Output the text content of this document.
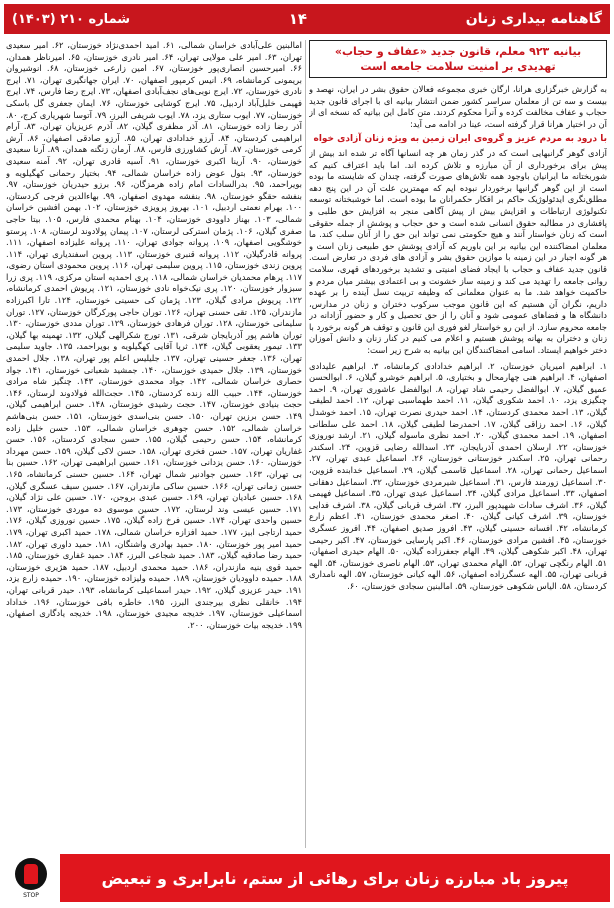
گاهنامه بیداری زنان
۱۴
شماره ۲۱۰ (۱۴۰۳)
بیانیه ۹۲۳ معلم، قانون جدید «عفاف و حجاب» تهدیدی بر امنیت سلامت جامعه است

به گزارش خبرگزاری هرانا، ارگان خبری مجموعه فعالان حقوق بشر در ایران، نهصد و بیست و سه تن از معلمان سراسر کشور ضمن انتشار بیانیه ای با اجرای قانون جدید حجاب و عفاف مخالفت کرده و آنرا محکوم کردند. متن کامل این بیانیه که نسخه ای از آن در اختیار هرانا قرار گرفته است، عینا در ادامه می آید:

با درود به مردم عزیز و گروه‌ی ایران زمین به ویژه زنان آزادی خواه

آزادی گوهر گرانبهایی است که در گذر زمان هر چه انسانها آگاه تر شده اند بیش از پیش برای برخورداری از آن مبارزه و تلاش کرده اند. اما باید اعتراف کنیم که شوربختانه ما ایرانیان باوجود همه تلاش‌های صورت گرفته، چندان که شایسته ما بوده است از این گوهر گرانبها برخوردار نبوده ایم که مهمترین علت آن در این پنج دهه مطلق‌نگری ایدئولوژیک حاکم بر افکار حکمرانان ما بوده است. اما خوشبختانه توسعه تکنولوژی ارتباطات و افزایش بیش از پیش آگاهی منجر به افزایش حق طلبی و پافشاری در مطالبه حقوق انسانی شده است و حق حجاب و پوشش از جمله حقوقی است که زنان خواستار آنند و هیچ حکومتی نمی تواند این حق را از آنان سلب کند. ما معلمان امضاکننده این بیانیه بر این باوریم که آزادی پوشش حق طبیعی زنان است و هر گونه اجبار در این زمینه با موازین حقوق بشر و آزادی های فردی در تعارض است. قانون جدید عفاف و حجاب با ایجاد فضای امنیتی و تشدید برخوردهای قهری، سلامت روانی جامعه را تهدید می کند و زمینه ساز خشونت و بی اعتمادی بیشتر میان مردم و حاکمیت خواهد شد. ما به عنوان معلمانی که وظیفه تربیت نسل آینده را بر عهده داریم، نگران آن هستیم که این قانون موجب سرکوب دختران و زنان در مدارس، دانشگاه ها و فضاهای عمومی شود و آنان را از حق تحصیل و کار و حضور آزادانه در جامعه محروم سازد. از این رو خواستار لغو فوری این قانون و توقف هر گونه برخورد با زنان و دختران به بهانه پوشش هستیم و اعلام می کنیم در کنار زنان و دانش آموزان دختر خواهیم ایستاد. اسامی امضاکنندگان این بیانیه به شرح زیر است:

۱. ابراهیم امیریان خوزستان، ۲. ابراهیم خدادادی کرمانشاه، ۳. ابراهیم علیدادی اصفهان، ۴. ابراهیم هنی چهارمحال و بختیاری، ۵. ابراهیم خوشرو گیلان، ۶. ابوالحسن عمیق گیلان، ۷. ابوالفضل رحیمی شاد تهران، ۸. ابوالفضل عاشوری تهران، ۹. احمد چنگیزی یزد، ۱۰. احمد شکوری گیلان، ۱۱. احمد طهماسبی تهران، ۱۲. احمد لطیفی گیلان، ۱۳. احمد محمدی کردستان، ۱۴. احمد حیدری نصرت تهران، ۱۵. احمد خوشدل گیلان، ۱۶. احمد رزاقی گیلان، ۱۷. احمدرضا لطیفی گیلان، ۱۸. احمد علی سلطانی اصفهان، ۱۹. احمد محمدی گیلان، ۲۰. احمد نظری ماسوله گیلان، ۲۱. ارشد نوروزی خوزستان، ۲۲. ارسلان احمدی آذربایجان، ۲۳. اسدالله رضایی قزوین، ۲۴. اسکندر رحمانی تهران، ۲۵. اسکندر خوزستانی خوزستان، ۲۶. اسماعیل عبدی تهران، ۲۷. اسماعیل رحمانی تهران، ۲۸. اسماعیل قاسمی گیلان، ۲۹. اسماعیل خدابنده قزوین، ۳۰. اسماعیل زورمند فارس، ۳۱. اسماعیل شیرمردی خوزستان، ۳۲. اسماعیل دهقانی اصفهان، ۳۳. اسماعیل مرادی گیلان، ۳۴. اسماعیل عیدی تهران، ۳۵. اسماعیل فهیمی گیلان، ۳۶. اشرف سادات شهیدپور البرز، ۳۷. اشرف قربانی گیلان، ۳۸. اشرف فدایی خوزستان، ۳۹. اشرف کیانی گیلان، ۴۰. اصغر محمدی خوزستان، ۴۱. اعظم زارع کرمانشاه، ۴۲. افسانه حسینی گیلان، ۴۳. افروز صدیق اصفهان، ۴۴. افروز عسگری خوزستان، ۴۵. افشین مرادی خوزستان، ۴۶. اکبر پارسایی خوزستان، ۴۷. اکبر رحیمی تهران، ۴۸. اکبر شکوهی گیلان، ۴۹. الهام جعفرزاده گیلان، ۵۰. الهام حیدری اصفهان، ۵۱. الهام رنگچی تهران، ۵۲. الهام محمدی تهران، ۵۳. الهام ناصری خوزستان، ۵۴. الهه قربانی تهران، ۵۵. الهه عسگرزاده اصفهان، ۵۶. الهه کیانی خوزستان، ۵۷. الهه نامداری کردستان، ۵۸. الیاس شکوهی خوزستان، ۵۹. امالبنین سجادی خوزستان، ۶۰.

امالبنین علی‌آبادی خراسان شمالی، ۶۱. امید احمدی‌نژاد خوزستان، ۶۲. امیر سعیدی تهران، ۶۳. امیر علی مولایی تهران، ۶۴. امیر نادری خوزستان، ۶۵. امیرناظر همدان، ۶۶. امیرحسین انصاری‌پور خوزستان، ۶۷. امین زارعی خوزستان، ۶۸. انوشیروان بریمونی کرمانشاه، ۶۹. انیس کرمپور اصفهان، ۷۰. ایران جهانگیری تهران، ۷۱. ایرج نادری خوزستان، ۷۲. ایرج نوبی‌های نجف‌آبادی اصفهان، ۷۳. ایرج رضا فارس، ۷۴. ایرج فهیمی خلیل‌آباد اردبیل، ۷۵. ایرج کوشایی خوزستان، ۷۶. ایمان جعفری گل باسکی خوزستان، ۷۷. ایوب ستاری یزد، ۷۸. ایوب شریفی البرز، ۷۹. آتوسا شهریاری کرج، ۸۰. آذر رضا زاده خوزستان، ۸۱. آذر مظفری گیلان، ۸۲. آذرم عزیزیان تهران، ۸۳. آرام ابراهیمی کردستان، ۸۴. آرزو خدادادی تهران، ۸۵. آرزو صادقی اصفهان، ۸۶. آرش کرمی خوزستان، ۸۷. آرش کشاورزی فارس، ۸۸. آرمان زنگنه همدان، ۸۹. آرنا سعیدی خوزستان، ۹۰. آرینا اکبری خوزستان، ۹۱. آسیه قادری تهران، ۹۲. آمنه سعیدی خوزستان، ۹۳. بتول عوض زاده خراسان شمالی، ۹۴. بختیار رحمانی کهگیلویه و بویراحمد، ۹۵. بدرالسادات امام زاده هرمزگان، ۹۶. برزو حیدریان خوزستان، ۹۷. بنفشه حقگو خوزستان، ۹۸. بنفشه مهدوی اصفهان، ۹۹. بهاءالدین فرجی کردستان، ۱۰۰. بهرام نعمتی اردبیل، ۱۰۱. بهروز پرویزی خوزستان، ۱۰۲. بهمن افشین خراسان شمالی، ۱۰۳. بهناز داوودی خوزستان، ۱۰۴. بهنام محمدی فارس، ۱۰۵. بیتا حاجی صفری گیلان، ۱۰۶. پژمان استرکی لرستان، ۱۰۷. پیمان پولادوند لرستان، ۱۰۸. پرستو خوشگویی اصفهان، ۱۰۹. پروانه جوادی تهران، ۱۱۰. پروانه علیزاده اصفهان، ۱۱۱. پروانه قادرگیلان، ۱۱۲. پروانه قنبری خوزستان، ۱۱۳. پروین اسفندیاری تهران، ۱۱۴. پروین زندی خوزستان، ۱۱۵. پروین سلیمی تهران، ۱۱۶. پروین محمودی استان رضوی، ۱۱۷. پرهام محمدیان خراسان شمالی، ۱۱۸. پری احمدیه استان مرکزی، ۱۱۹. پری زرا سبزوار خوزستان، ۱۲۰. پری نیک‌خواه نادی خوزستان، ۱۲۱. پریوش احمدی کرمانشاه، ۱۲۲. پریوش مرادی گیلان، ۱۲۳. پژمان کی حسینی خوزستان، ۱۲۴. تارا اکبرزاده مازندران، ۱۲۵. تقی حسنی تهران، ۱۲۶. توران حاجی پورکرگان خوزستان، ۱۲۷. توران سلیمانی خوزستان، ۱۲۸. توران فرهادی خوزستان، ۱۲۹. توران مددی خوزستان، ۱۳۰. توران هاشم پور آذربایجان شرقی، ۱۳۱. تورج شکرالهی گیلان، ۱۳۲. تهمینه بها گیلان، ۱۳۳. تیمور یعقوبی گیلان، ۱۳۴. ثریا آقایی کهگیلویه و بویراحمد، ۱۳۵. جاوید سلیمی تهران، ۱۳۶. جعفر حسینی تهران، ۱۳۷. جلیلیس اعلم پور تهران، ۱۳۸. جلال احمدی خوزستان، ۱۳۹. جلال حمیدی خوزستان، ۱۴۰. جمشید شعبانی خوزستان، ۱۴۱. جواد حصاری خراسان شمالی، ۱۴۲. جواد محمدی خوزستان، ۱۴۳. چنگیز شاه مرادی خوزستان، ۱۴۴. حبیب الله زنده کردستان، ۱۴۵. حجت‌الله فولادوند لرستان، ۱۴۶. حجت بنیادی خوزستان، ۱۴۷. حجت رشیدی خوزستان، ۱۴۸. حسن ابراهیمی گیلان، ۱۴۹. حسن برزین تهران، ۱۵۰. حسن بنی‌اسدی خوزستان، ۱۵۱. حسن بنی‌هاشم خراسان شمالی، ۱۵۲. حسن جوهری خراسان شمالی، ۱۵۳. حسن خلیل زاده کرمانشاه، ۱۵۴. حسن رحیمی گیلان، ۱۵۵. حسن سجادی کردستان، ۱۵۶. حسن غفاریان تهران، ۱۵۷. حسن فخری تهران، ۱۵۸. حسن لاکی گیلان، ۱۵۹. حسن مهرداد خوزستان، ۱۶۰. حسن یزدانی خوزستان، ۱۶۱. حسین ابراهیمی تهران، ۱۶۲. حسین بنا بی تهران، ۱۶۳. حسین جوادنیر شمال تهران، ۱۶۴. حسین حسنی کرمانشاه، ۱۶۵. حسین زمانی تهران، ۱۶۶. حسین ساکی مازندران، ۱۶۷. حسین سیف عسگری گیلان، ۱۶۸. حسین عبادیان تهران، ۱۶۹. حسین عبدی بروجن، ۱۷۰. حسین علی نژاد گیلان، ۱۷۱. حسین عیسی وند لرستان، ۱۷۲. حسین موسوی ده موردی خوزستان، ۱۷۳. حسین واحدی تهران، ۱۷۴. حسین فرخ زاده گیلان، ۱۷۵. حسین نوروزی گیلان، ۱۷۶. حمید ارتاجی ابیز، ۱۷۷. حمید افزازه خراسان شمالی، ۱۷۸. حمید اکبری تهران، ۱۷۹. حمید امیر پور خوزستان، ۱۸۰. حمید بهادری واشنگان، ۱۸۱. حمید داوری تهران، ۱۸۲. حمید رضا صادقیه گیلان، ۱۸۳. حمید شجاعی البرز، ۱۸۴. حمید غفاری خوزستان، ۱۸۵. حمید قوی بنیه مازندران، ۱۸۶. حمید محمدی اردبیل، ۱۸۷. حمید هژیری خوزستان، ۱۸۸. حمیده داوودیان خوزستان، ۱۸۹. حمیده ولیزاده خوزستان، ۱۹۰. حمیده زارع یزد، ۱۹۱. حیدر عزیزی گیلان، ۱۹۲. حیدر اسماعیلی کرمانشاه، ۱۹۳. حیدر قربانی تهران، ۱۹۴. خانقلی نظری بیرجندی البرز، ۱۹۵. خاطره بافی خوزستان، ۱۹۶. خداداد اسماعیلی خوزستان، ۱۹۷. خدیجه مجیدی خوزستان، ۱۹۸. خدیجه یادگاری اصفهان، ۱۹۹. خدیجه بیات خوزستان، ۲۰۰.

STOP
پیروز باد مبارزه زنان برای رهائی از ستم، نابرابری و تبعیض
